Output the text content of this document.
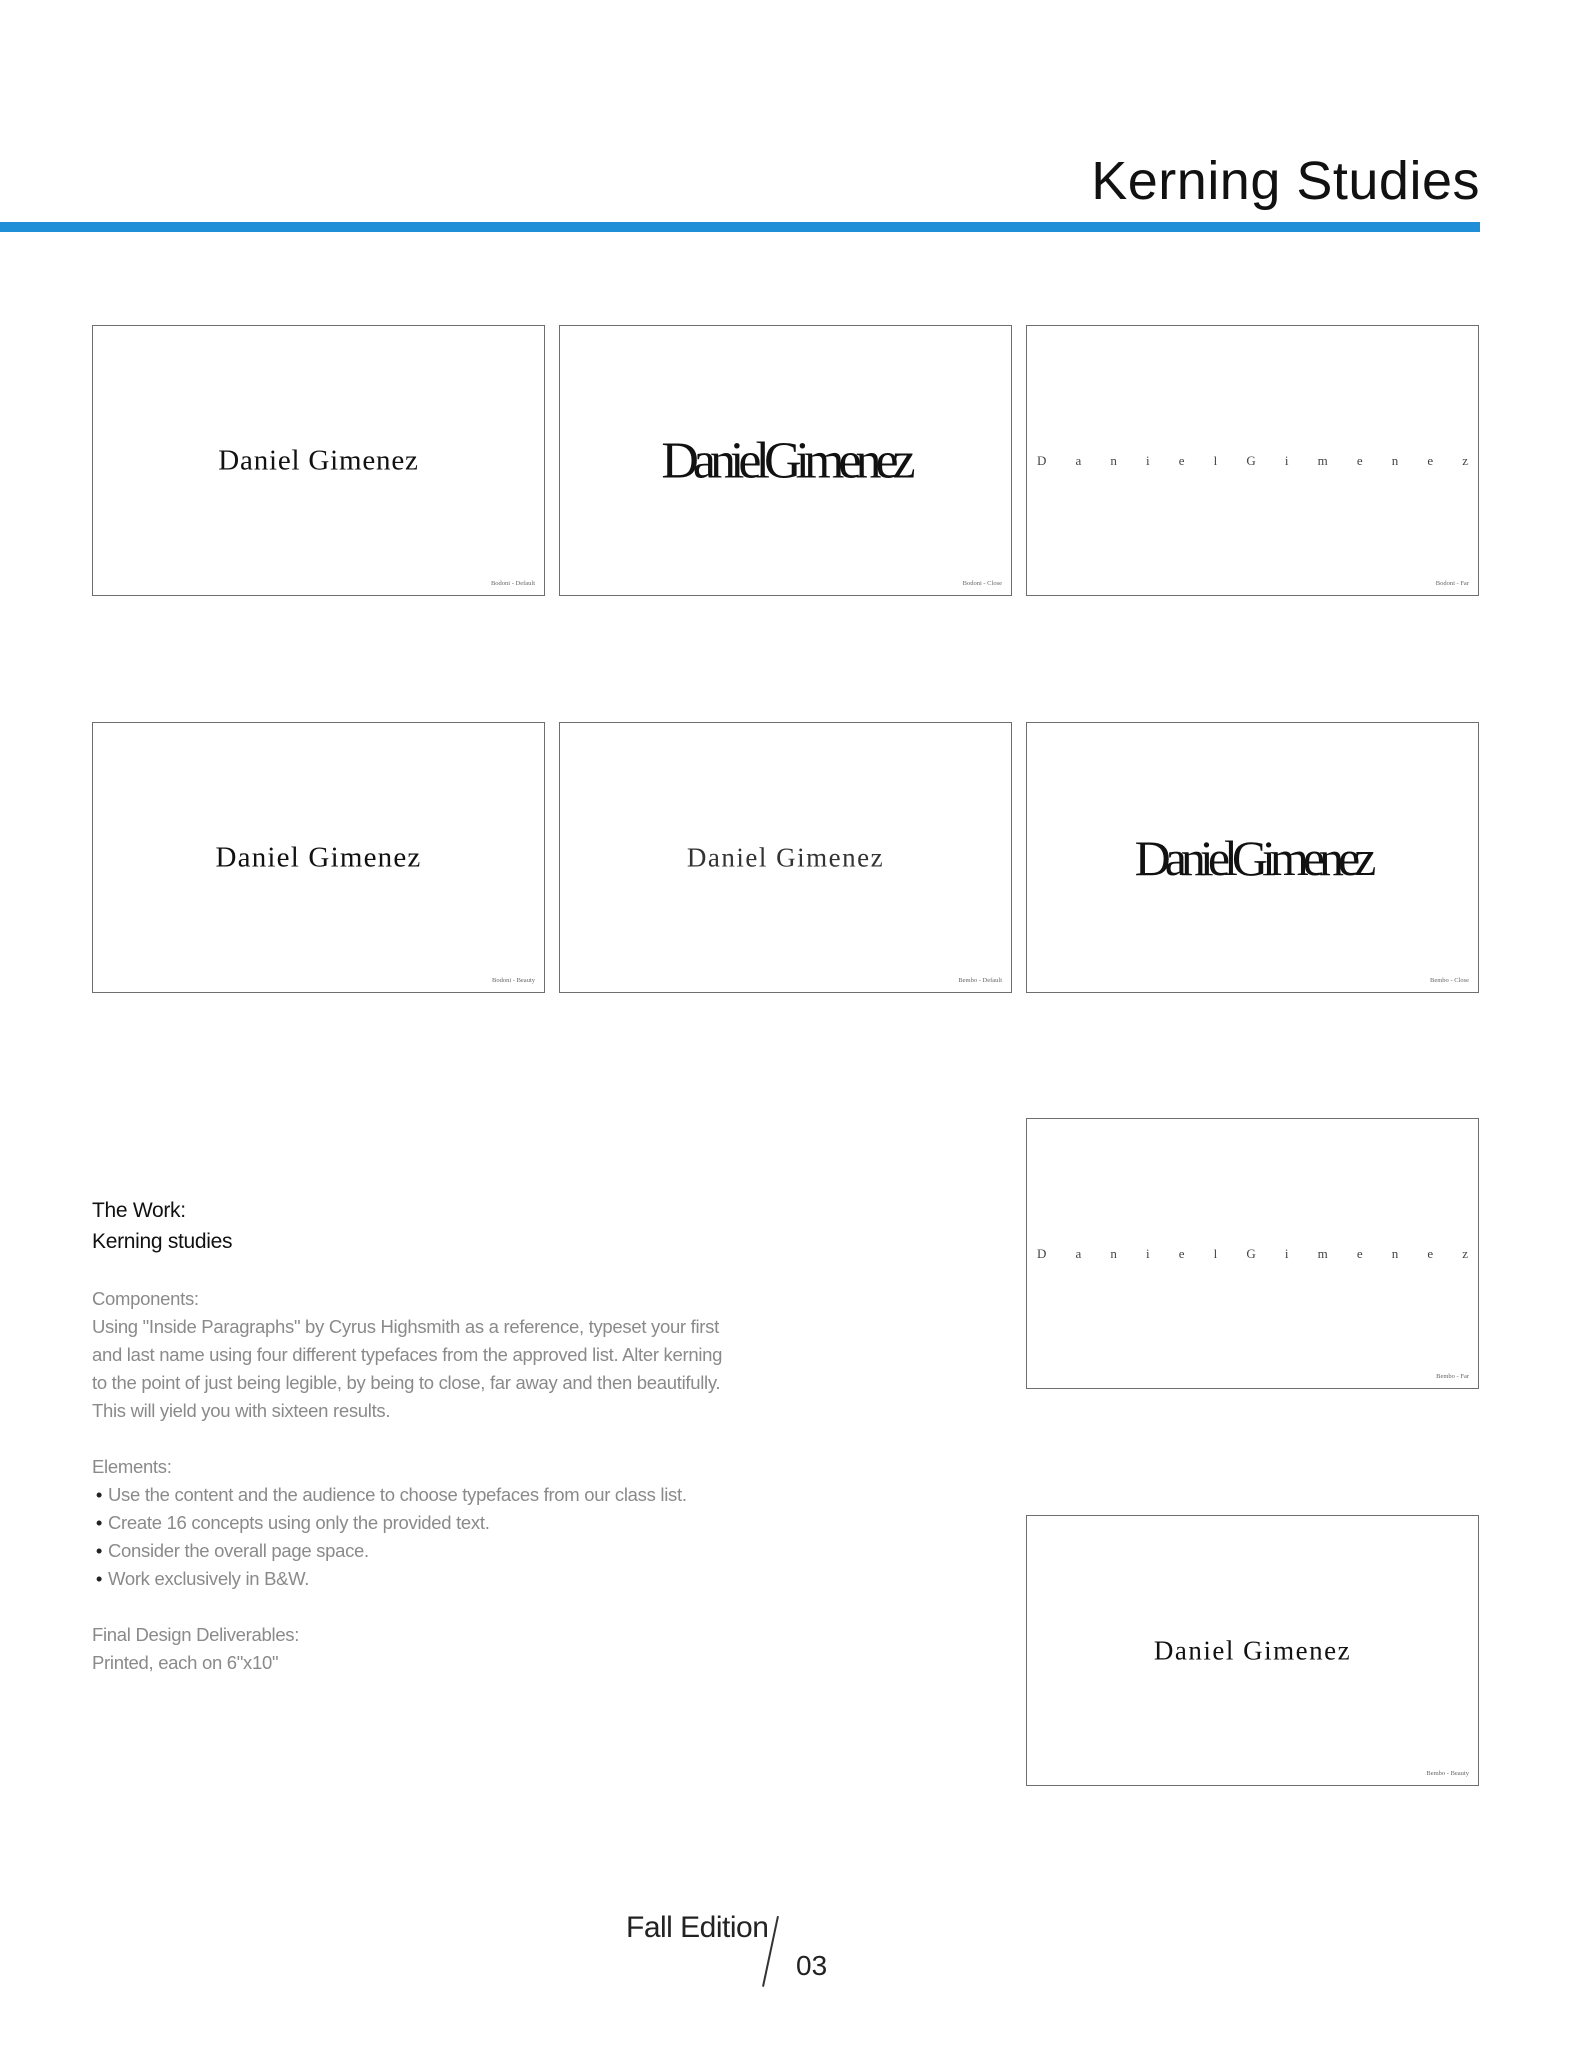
Kerning Studies
Daniel Gimenez
Bodoni - Default
DanielGimenez
Bodoni - Close
D a n i e l G i m e n e z
Bodoni - Far
Daniel Gimenez
Bodoni - Beauty
Daniel Gimenez
Bembo - Default
DanielGimenez
Bembo - Close
D a n i e l G i m e n e z
Bembo - Far
Daniel Gimenez
Bembo - Beauty

The Work:

Kerning studies

Components:

Using "Inside Paragraphs" by Cyrus Highsmith as a reference, typeset your first and last name using four different typefaces from the approved list. Alter kerning to the point of just being legible, by being to close, far away and then beautifully. This will yield you with sixteen results.

Elements:

• Use the content and the audience to choose typefaces from our class list.
• Create 16 concepts using only the provided text.
• Consider the overall page space.
• Work exclusively in B&W.

Final Design Deliverables:

Printed, each on 6"x10"

Fall Edition
03
